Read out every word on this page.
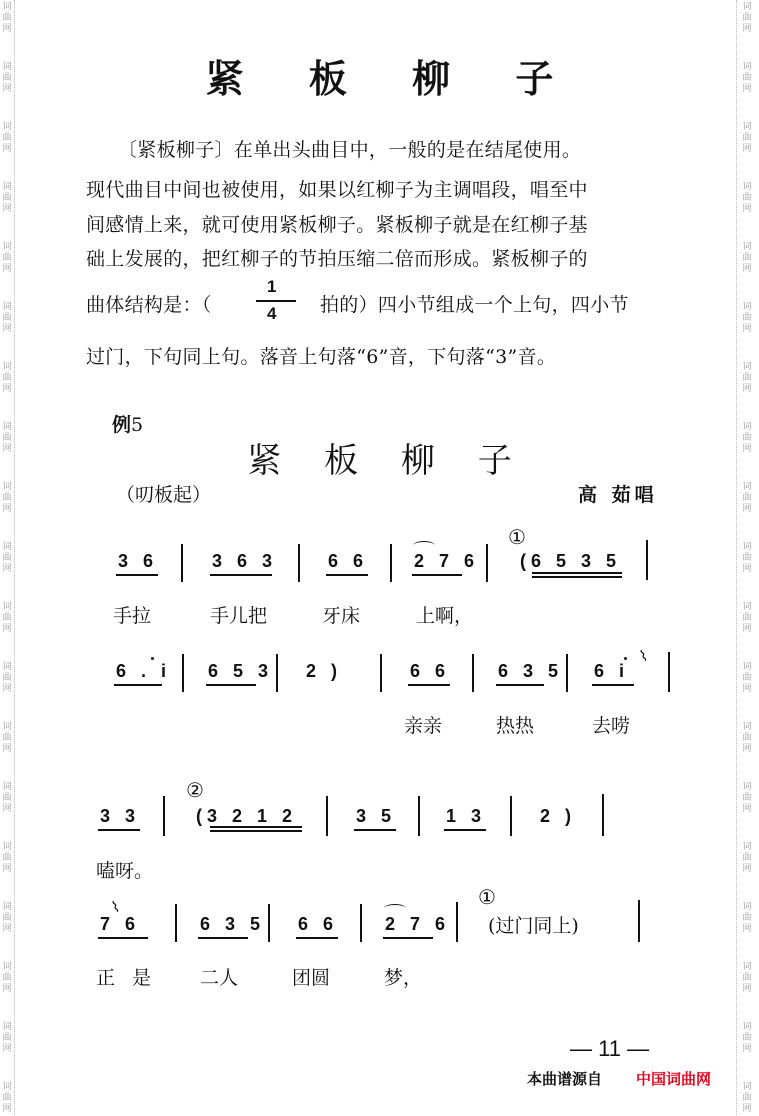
词
曲
网
词
曲
网
词
曲
网
词
曲
网
词
曲
网
词
曲
网
词
曲
网
词
曲
网
词
曲
网
词
曲
网
词
曲
网
词
曲
网
词
曲
网
词
曲
网
词
曲
网
词
曲
网
词
曲
网
词
曲
网
词
曲
网
词
曲
网
词
曲
网
词
曲
网
词
曲
网
词
曲
网
词
曲
网
词
曲
网
词
曲
网
词
曲
网
词
曲
网
词
曲
网
词
曲
网
词
曲
网
词
曲
网
词
曲
网
词
曲
网
词
曲
网
词
曲
网
词
曲
网
紧 板 柳 子
〔紧板柳子〕在单出头曲目中，一般的是在结尾使用。
现代曲目中间也被使用，如果以红柳子为主调唱段，唱至中
间感情上来，就可使用紧板柳子。紧板柳子就是在红柳子基
础上发展的，把红柳子的节拍压缩二倍而形成。紧板柳子的
曲体结构是：（
1
4 拍的）四小节组成一个上句，四小节
过门，下句同上句。落音上句落“6”音，下句落“3”音。
例5
紧 板 柳 子
（叨板起）	高 茹唱
3 6	3 6 3	6 6	2 7 6
①
(6 5 3 5
手拉	手儿把	牙床	上啊，
6 . i 6 5 3 2 )	6 6	6 3 5 6 i
⌇
亲亲	热热	去唠
3 3
②
(3 2 1 2	3 5	1 3	2 )
嗑呀。
7 6
⌇
6 3 5 6 6	2 7 6
①
(过门同上)
正 是	二人	团圆	梦，
— 11 —
本曲谱源自 中国词曲网
